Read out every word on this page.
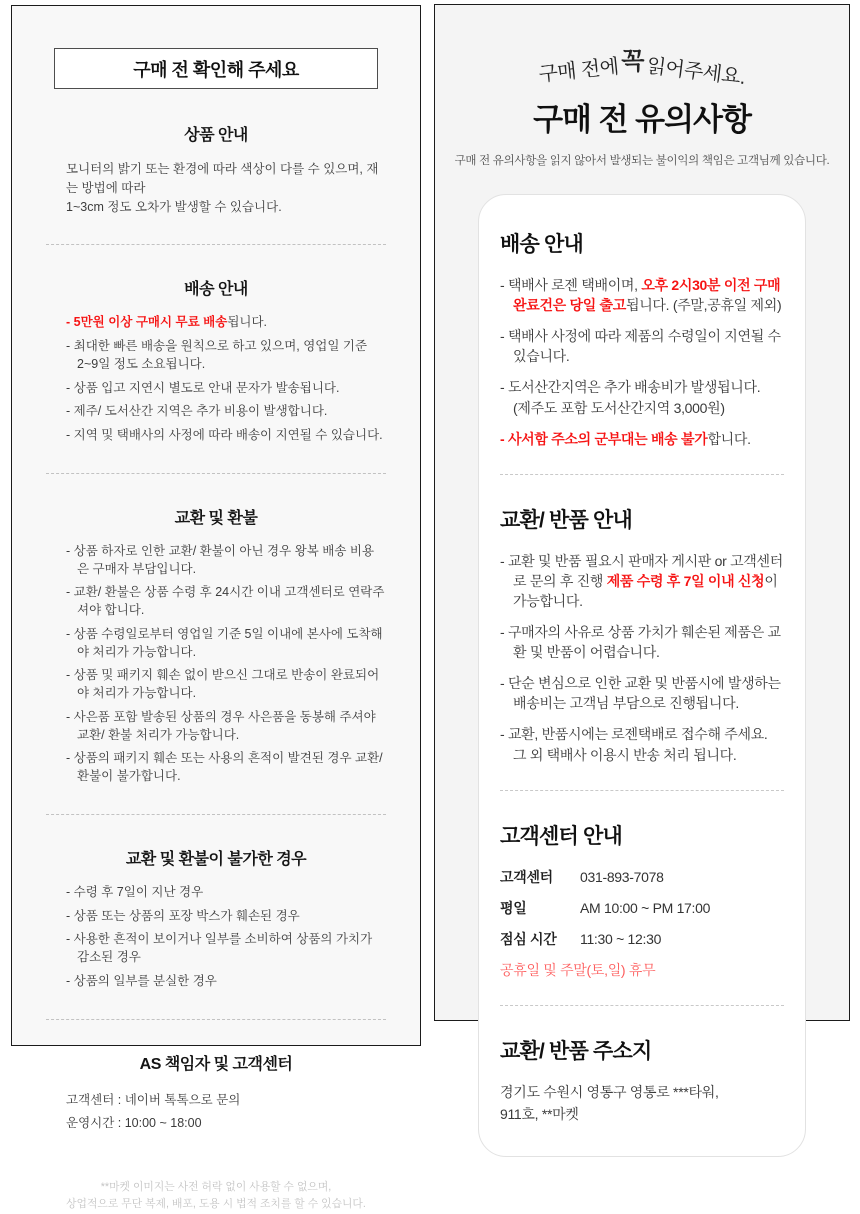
구매 전 확인해 주세요
상품 안내
모니터의 밝기 또는 환경에 따라 색상이 다를 수 있으며, 재는 방법에 따라
1~3cm 정도 오차가 발생할 수 있습니다.
배송 안내
- 5만원 이상 구매시 무료 배송됩니다.
- 최대한 빠른 배송을 원칙으로 하고 있으며, 영업일 기준 2~9일 정도 소요됩니다.
- 상품 입고 지연시 별도로 안내 문자가 발송됩니다.
- 제주/ 도서산간 지역은 추가 비용이 발생합니다.
- 지역 및 택배사의 사정에 따라 배송이 지연될 수 있습니다.
교환 및 환불
- 상품 하자로 인한 교환/ 환불이 아닌 경우 왕복 배송 비용은 구매자 부담입니다.
- 교환/ 환불은 상품 수령 후 24시간 이내 고객센터로 연락주셔야 합니다.
- 상품 수령일로부터 영업일 기준 5일 이내에 본사에 도착해야 처리가 가능합니다.
- 상품 및 패키지 훼손 없이 받으신 그대로 반송이 완료되어야 처리가 가능합니다.
- 사은품 포함 발송된 상품의 경우 사은품을 동봉해 주셔야 교환/ 환불 처리가 가능합니다.
- 상품의 패키지 훼손 또는 사용의 흔적이 발견된 경우 교환/ 환불이 불가합니다.
교환 및 환불이 불가한 경우
- 수령 후 7일이 지난 경우
- 상품 또는 상품의 포장 박스가 훼손된 경우
- 사용한 흔적이 보이거나 일부를 소비하여 상품의 가치가 감소된 경우
- 상품의 일부를 분실한 경우
AS 책임자 및 고객센터
고객센터 : 네이버 톡톡으로 문의
운영시간 : 10:00 ~ 18:00
**마켓 이미지는 사전 허락 없이 사용할 수 없으며,
상업적으로 무단 복제, 배포, 도용 시 법적 조치를 할 수 있습니다.
구매 전에꼭읽어주세요.
구매 전 유의사항
구매 전 유의사항을 읽지 않아서 발생되는 불이익의 책임은 고객님께 있습니다.
배송 안내
- 택배사 로젠 택배이며, 오후 2시30분 이전 구매 완료건은 당일 출고됩니다. (주말,공휴일 제외)
- 택배사 사정에 따라 제품의 수령일이 지연될 수 있습니다.
- 도서산간지역은 추가 배송비가 발생됩니다.
(제주도 포함 도서산간지역 3,000원)
- 사서함 주소의 군부대는 배송 불가합니다.
교환/ 반품 안내
- 교환 및 반품 필요시 판매자 게시판 or 고객센터로 문의 후 진행 제품 수령 후 7일 이내 신청이 가능합니다.
- 구매자의 사유로 상품 가치가 훼손된 제품은 교환 및 반품이 어렵습니다.
- 단순 변심으로 인한 교환 및 반품시에 발생하는 배송비는 고객님 부담으로 진행됩니다.
- 교환, 반품시에는 로젠택배로 접수해 주세요.
그 외 택배사 이용시 반송 처리 됩니다.
고객센터 안내
고객센터 031-893-7078
평일	AM 10:00 ~ PM 17:00
점심 시간 11:30 ~ 12:30
공휴일 및 주말(토,일) 휴무
교환/ 반품 주소지
경기도 수원시 영통구 영통로 ***타워,
911호, **마켓
